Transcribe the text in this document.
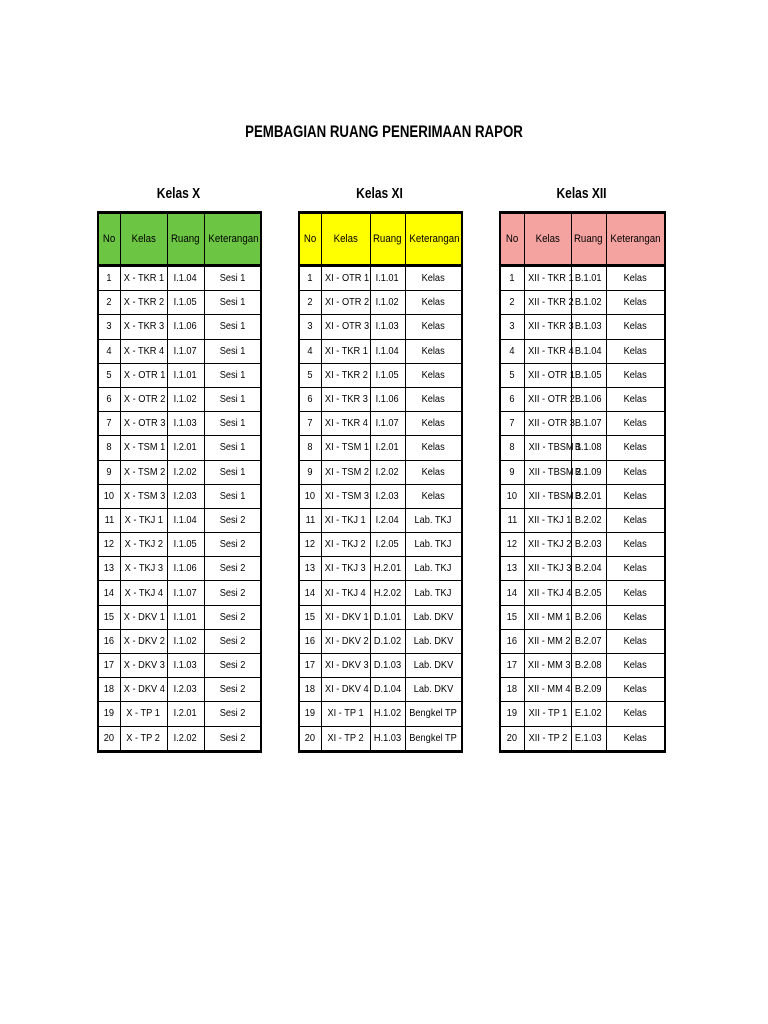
PEMBAGIAN RUANG PENERIMAAN RAPOR
Kelas X	Kelas XI	Kelas XII
No	Kelas	Ruang	Keterangan
1	X - TKR 1	I.1.04	Sesi 1
2	X - TKR 2	I.1.05	Sesi 1
3	X - TKR 3	I.1.06	Sesi 1
4	X - TKR 4	I.1.07	Sesi 1
5	X - OTR 1	I.1.01	Sesi 1
6	X - OTR 2	I.1.02	Sesi 1
7	X - OTR 3	I.1.03	Sesi 1
8	X - TSM 1	I.2.01	Sesi 1
9	X - TSM 2	I.2.02	Sesi 1
10	X - TSM 3	I.2.03	Sesi 1
11	X - TKJ 1	I.1.04	Sesi 2
12	X - TKJ 2	I.1.05	Sesi 2
13	X - TKJ 3	I.1.06	Sesi 2
14	X - TKJ 4	I.1.07	Sesi 2
15	X - DKV 1	I.1.01	Sesi 2
16	X - DKV 2	I.1.02	Sesi 2
17	X - DKV 3	I.1.03	Sesi 2
18	X - DKV 4	I.2.03	Sesi 2
19	X - TP 1	I.2.01	Sesi 2
20	X - TP 2	I.2.02	Sesi 2
No	Kelas	Ruang	Keterangan
1	XI - OTR 1	I.1.01	Kelas
2	XI - OTR 2	I.1.02	Kelas
3	XI - OTR 3	I.1.03	Kelas
4	XI - TKR 1	I.1.04	Kelas
5	XI - TKR 2	I.1.05	Kelas
6	XI - TKR 3	I.1.06	Kelas
7	XI - TKR 4	I.1.07	Kelas
8	XI - TSM 1	I.2.01	Kelas
9	XI - TSM 2	I.2.02	Kelas
10	XI - TSM 3	I.2.03	Kelas
11	XI - TKJ 1	I.2.04	Lab. TKJ
12	XI - TKJ 2	I.2.05	Lab. TKJ
13	XI - TKJ 3	H.2.01	Lab. TKJ
14	XI - TKJ 4	H.2.02	Lab. TKJ
15	XI - DKV 1	D.1.01	Lab. DKV
16	XI - DKV 2	D.1.02	Lab. DKV
17	XI - DKV 3	D.1.03	Lab. DKV
18	XI - DKV 4	D.1.04	Lab. DKV
19	XI - TP 1	H.1.02	Bengkel TP
20	XI - TP 2	H.1.03	Bengkel TP
No	Kelas	Ruang	Keterangan
1	XII - TKR 1	B.1.01	Kelas
2	XII - TKR 2	B.1.02	Kelas
3	XII - TKR 3	B.1.03	Kelas
4	XII - TKR 4	B.1.04	Kelas
5	XII - OTR 1	B.1.05	Kelas
6	XII - OTR 2	B.1.06	Kelas
7	XII - OTR 3	B.1.07	Kelas
8	XII - TBSM 1	B.1.08	Kelas
9	XII - TBSM 2	B.1.09	Kelas
10	XII - TBSM 3	B.2.01	Kelas
11	XII - TKJ 1	B.2.02	Kelas
12	XII - TKJ 2	B.2.03	Kelas
13	XII - TKJ 3	B.2.04	Kelas
14	XII - TKJ 4	B.2.05	Kelas
15	XII - MM 1	B.2.06	Kelas
16	XII - MM 2	B.2.07	Kelas
17	XII - MM 3	B.2.08	Kelas
18	XII - MM 4	B.2.09	Kelas
19	XII - TP 1	E.1.02	Kelas
20	XII - TP 2	E.1.03	Kelas
